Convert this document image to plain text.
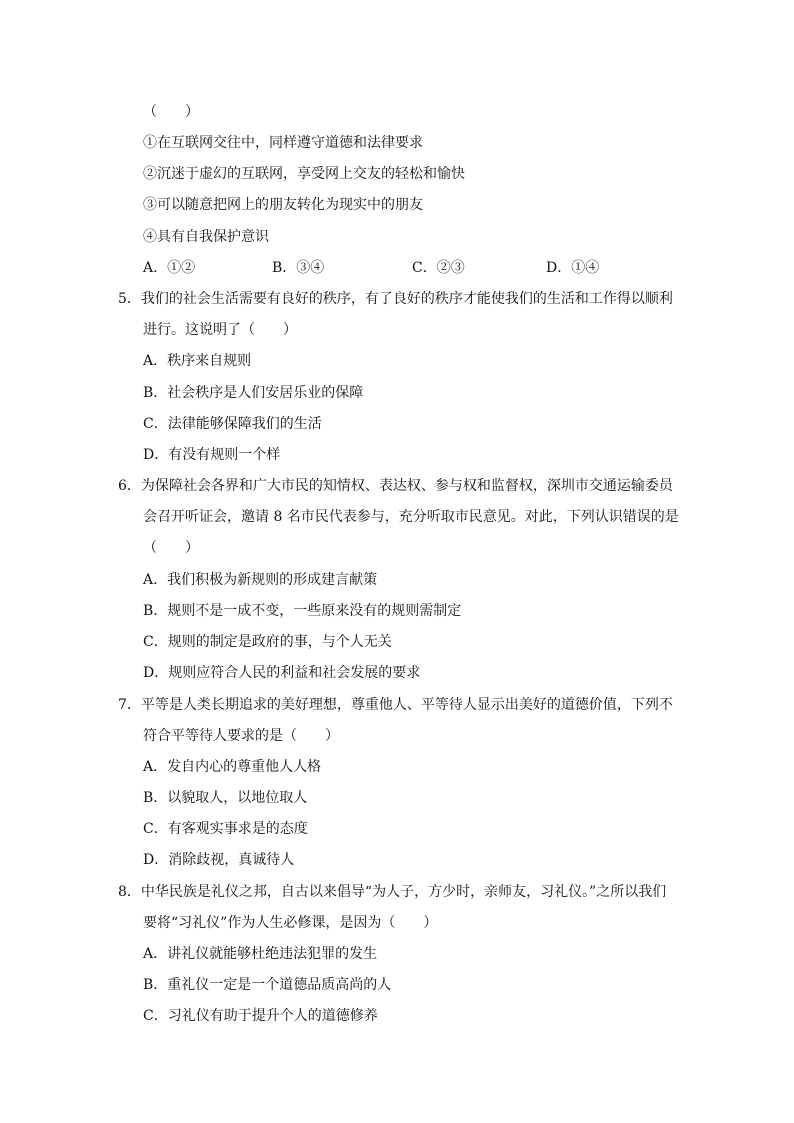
（　　）
①在互联网交往中，同样遵守道德和法律要求
②沉迷于虚幻的互联网，享受网上交友的轻松和愉快
③可以随意把网上的朋友转化为现实中的朋友
④具有自我保护意识
A．①②	B．③④	C．②③	D．①④
5．我们的社会生活需要有良好的秩序，有了良好的秩序才能使我们的生活和工作得以顺利
进行。这说明了（　　）
A．秩序来自规则
B．社会秩序是人们安居乐业的保障
C．法律能够保障我们的生活
D．有没有规则一个样
6．为保障社会各界和广大市民的知情权、表达权、参与权和监督权，深圳市交通运输委员
会召开听证会，邀请 8 名市民代表参与，充分听取市民意见。对此，下列认识错误的是
（　　）
A．我们积极为新规则的形成建言献策
B．规则不是一成不变，一些原来没有的规则需制定
C．规则的制定是政府的事，与个人无关
D．规则应符合人民的利益和社会发展的要求
7．平等是人类长期追求的美好理想，尊重他人、平等待人显示出美好的道德价值，下列不
符合平等待人要求的是（　　）
A．发自内心的尊重他人人格
B．以貌取人，以地位取人
C．有客观实事求是的态度
D．消除歧视，真诚待人
8．中华民族是礼仪之邦，自古以来倡导“为人子，方少时，亲师友，习礼仪。”之所以我们
要将“习礼仪”作为人生必修课，是因为（　　）
A．讲礼仪就能够杜绝违法犯罪的发生
B．重礼仪一定是一个道德品质高尚的人
C．习礼仪有助于提升个人的道德修养
